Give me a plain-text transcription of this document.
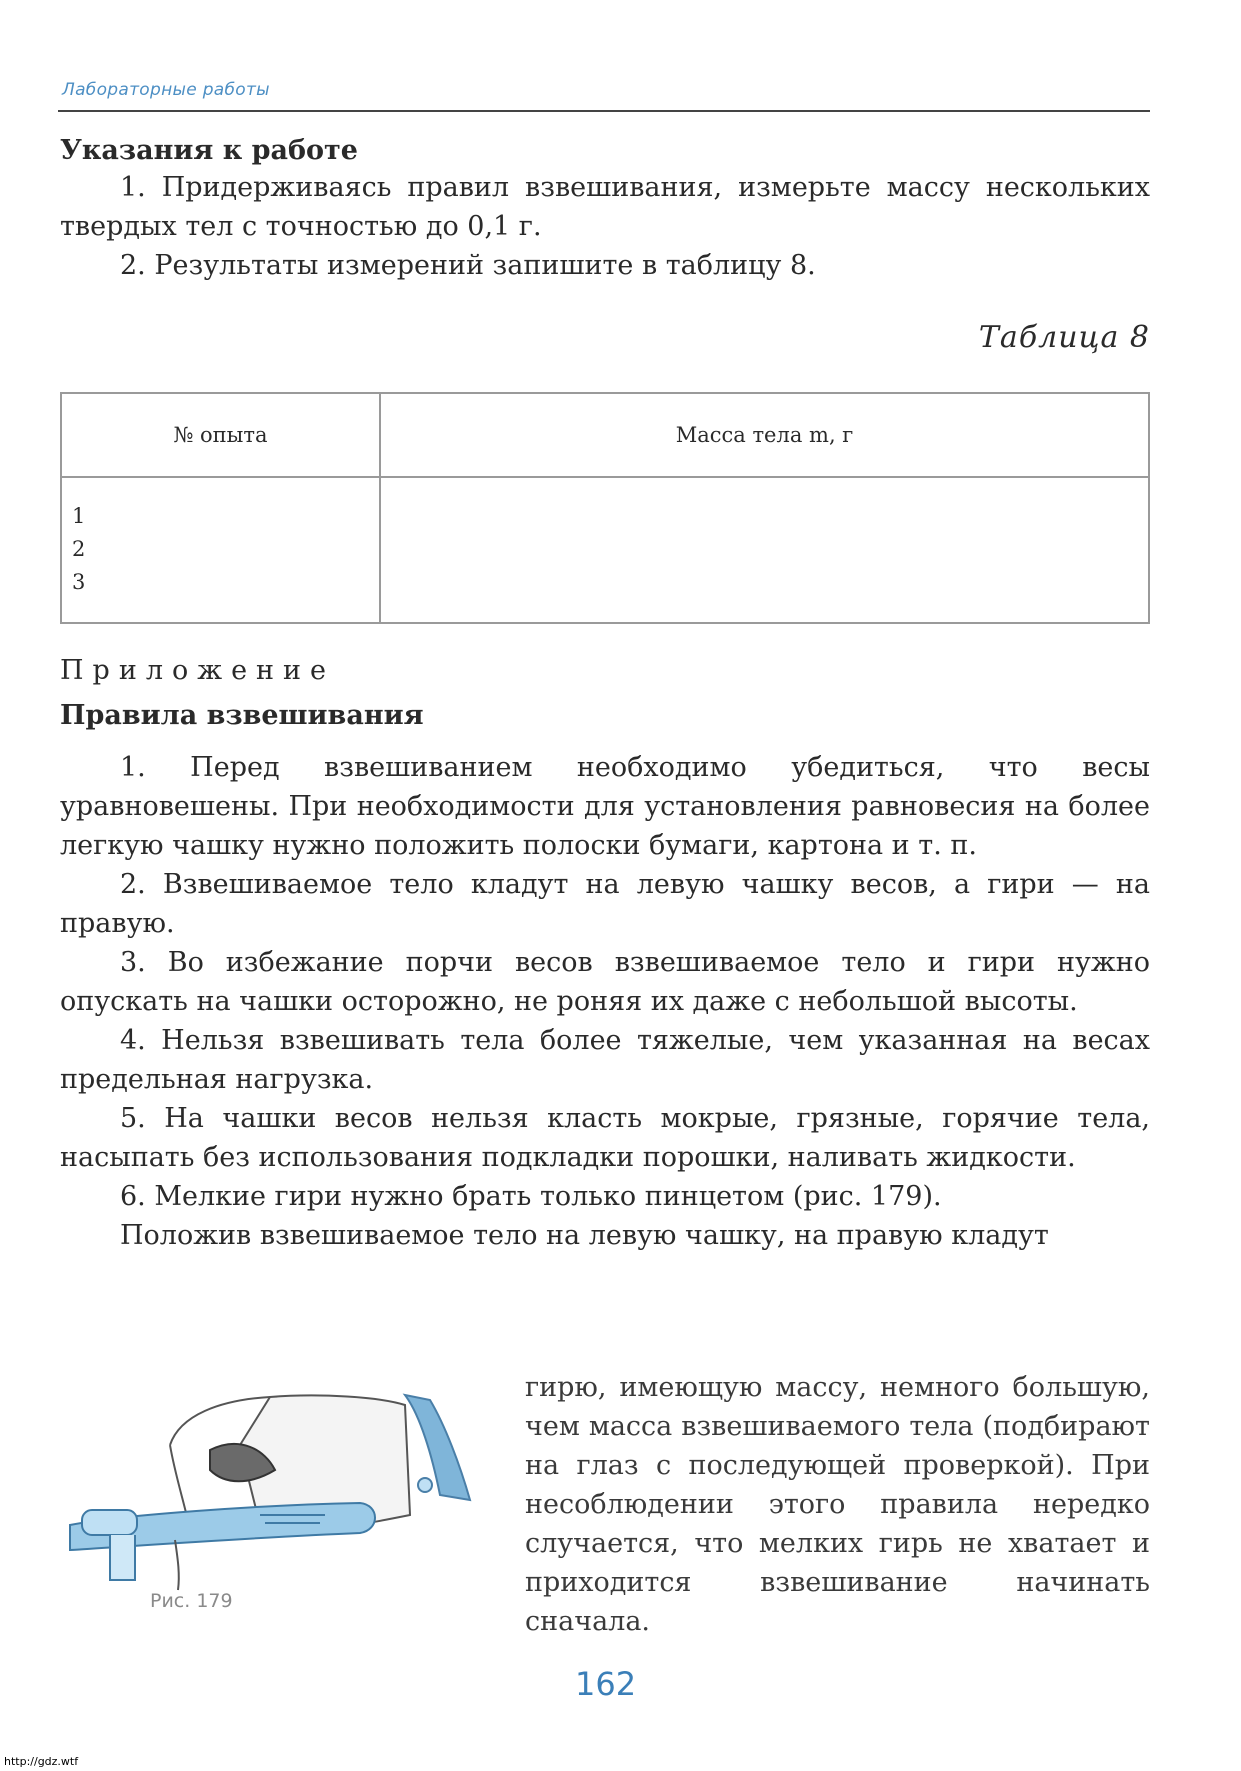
Лабораторные работы
Указания к работе

1. Придерживаясь правил взвешивания, измерьте массу нескольких твердых тел с точностью до 0,1 г.

2. Результаты измерений запишите в таблицу 8.

Таблица 8
№ опыта	Масса тела m, г

1
2
3	

Приложение
Правила взвешивания

1. Перед взвешиванием необходимо убедиться, что весы уравновешены. При необходимости для установления равновесия на более легкую чашку нужно положить полоски бумаги, картона и т. п.

2. Взвешиваемое тело кладут на левую чашку весов, а гири — на правую.

3. Во избежание порчи весов взвешиваемое тело и гири нужно опускать на чашки осторожно, не роняя их даже с небольшой высоты.

4. Нельзя взвешивать тела более тяжелые, чем указанная на весах предельная нагрузка.

5. На чашки весов нельзя класть мокрые, грязные, горячие тела, насыпать без использования подкладки порошки, наливать жидкости.

6. Мелкие гири нужно брать только пинцетом (рис. 179).

Положив взвешиваемое тело на левую чашку, на правую кладут

гирю, имеющую массу, немного большую, чем масса взвешиваемого тела (подбирают на глаз с последующей проверкой). При несоблюдении этого правила нередко случается, что мелких гирь не хватает и приходится взвешивание начинать сначала.
Рис. 179
162
http://gdz.wtf
